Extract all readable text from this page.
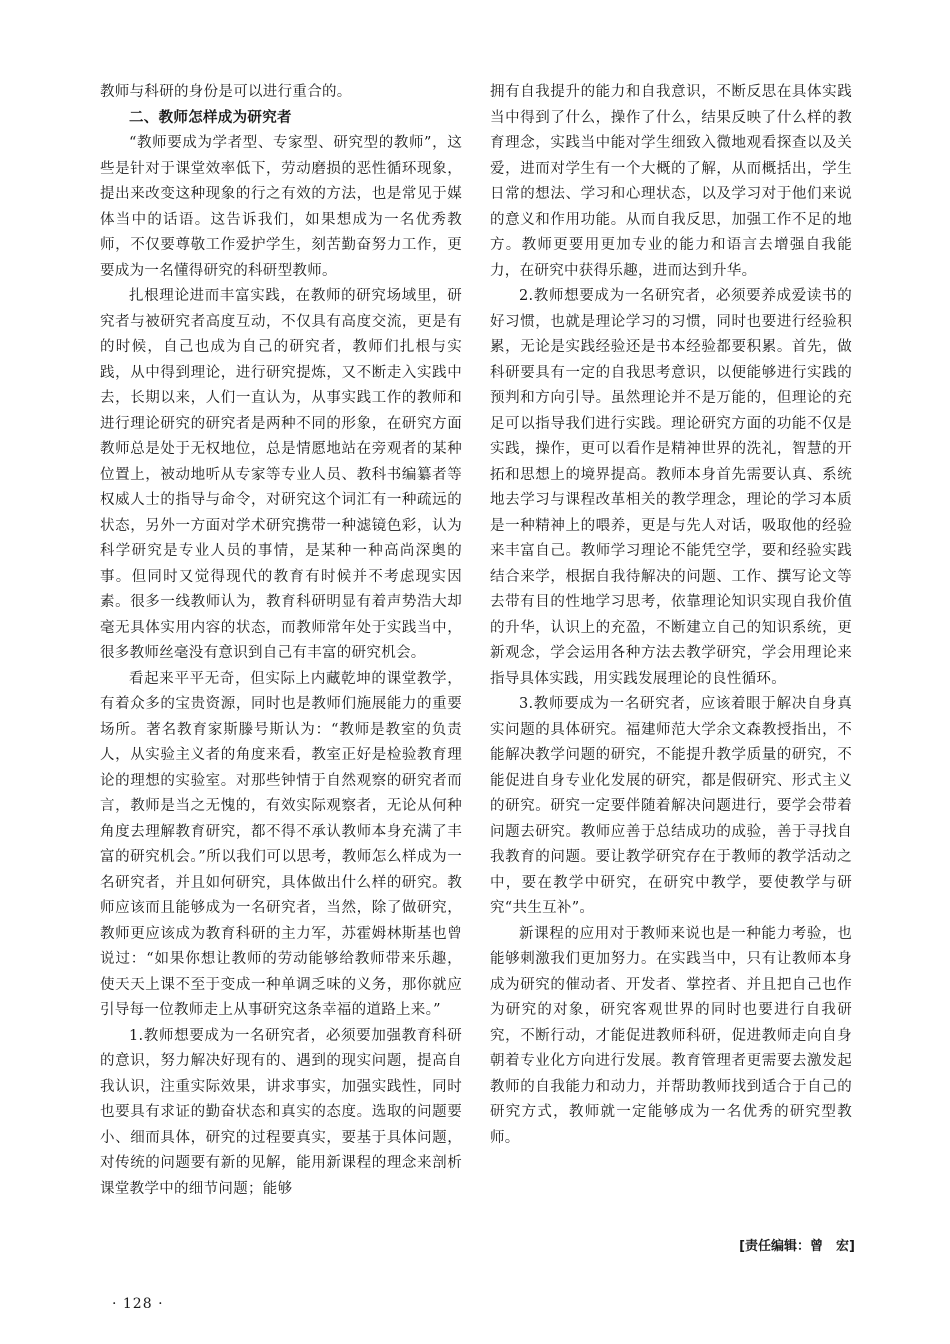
教师与科研的身份是可以进行重合的。

二、教师怎样成为研究者

“教师要成为学者型、专家型、研究型的教师”，这些是针对于课堂效率低下，劳动磨损的恶性循环现象，提出来改变这种现象的行之有效的方法，也是常见于媒体当中的话语。这告诉我们，如果想成为一名优秀教师，不仅要尊敬工作爱护学生，刻苦勤奋努力工作，更要成为一名懂得研究的科研型教师。

扎根理论进而丰富实践，在教师的研究场域里，研究者与被研究者高度互动，不仅具有高度交流，更是有的时候，自己也成为自己的研究者，教师们扎根与实践，从中得到理论，进行研究提炼，又不断走入实践中去，长期以来，人们一直认为，从事实践工作的教师和进行理论研究的研究者是两种不同的形象，在研究方面教师总是处于无权地位，总是情愿地站在旁观者的某种位置上，被动地听从专家等专业人员、教科书编纂者等权威人士的指导与命令，对研究这个词汇有一种疏远的状态，另外一方面对学术研究携带一种滤镜色彩，认为科学研究是专业人员的事情，是某种一种高尚深奥的事。但同时又觉得现代的教育有时候并不考虑现实因素。很多一线教师认为，教育科研明显有着声势浩大却毫无具体实用内容的状态，而教师常年处于实践当中，很多教师丝毫没有意识到自己有丰富的研究机会。

看起来平平无奇，但实际上内藏乾坤的课堂教学，有着众多的宝贵资源，同时也是教师们施展能力的重要场所。著名教育家斯滕号斯认为：“教师是教室的负责人，从实验主义者的角度来看，教室正好是检验教育理论的理想的实验室。对那些钟情于自然观察的研究者而言，教师是当之无愧的，有效实际观察者，无论从何种角度去理解教育研究，都不得不承认教师本身充满了丰富的研究机会。”所以我们可以思考，教师怎么样成为一名研究者，并且如何研究，具体做出什么样的研究。教师应该而且能够成为一名研究者，当然，除了做研究，教师更应该成为教育科研的主力军，苏霍姆林斯基也曾说过：“如果你想让教师的劳动能够给教师带来乐趣，使天天上课不至于变成一种单调乏味的义务，那你就应引导每一位教师走上从事研究这条幸福的道路上来。”

1.教师想要成为一名研究者，必须要加强教育科研的意识，努力解决好现有的、遇到的现实问题，提高自我认识，注重实际效果，讲求事实，加强实践性，同时也要具有求证的勤奋状态和真实的态度。选取的问题要小、细而具体，研究的过程要真实，要基于具体问题，对传统的问题要有新的见解，能用新课程的理念来剖析课堂教学中的细节问题；能够

拥有自我提升的能力和自我意识，不断反思在具体实践当中得到了什么，操作了什么，结果反映了什么样的教育理念，实践当中能对学生细致入微地观看探查以及关爱，进而对学生有一个大概的了解，从而概括出，学生日常的想法、学习和心理状态，以及学习对于他们来说的意义和作用功能。从而自我反思，加强工作不足的地方。教师更要用更加专业的能力和语言去增强自我能力，在研究中获得乐趣，进而达到升华。

2.教师想要成为一名研究者，必须要养成爱读书的好习惯，也就是理论学习的习惯，同时也要进行经验积累，无论是实践经验还是书本经验都要积累。首先，做科研要具有一定的自我思考意识，以便能够进行实践的预判和方向引导。虽然理论并不是万能的，但理论的充足可以指导我们进行实践。理论研究方面的功能不仅是实践，操作，更可以看作是精神世界的洗礼，智慧的开拓和思想上的境界提高。教师本身首先需要认真、系统地去学习与课程改革相关的教学理念，理论的学习本质是一种精神上的喂养，更是与先人对话，吸取他的经验来丰富自己。教师学习理论不能凭空学，要和经验实践结合来学，根据自我待解决的问题、工作、撰写论文等去带有目的性地学习思考，依靠理论知识实现自我价值的升华，认识上的充盈，不断建立自己的知识系统，更新观念，学会运用各种方法去教学研究，学会用理论来指导具体实践，用实践发展理论的良性循环。

3.教师要成为一名研究者，应该着眼于解决自身真实问题的具体研究。福建师范大学余文森教授指出，不能解决教学问题的研究，不能提升教学质量的研究，不能促进自身专业化发展的研究，都是假研究、形式主义的研究。研究一定要伴随着解决问题进行，要学会带着问题去研究。教师应善于总结成功的成验，善于寻找自我教育的问题。要让教学研究存在于教师的教学活动之中，要在教学中研究，在研究中教学，要使教学与研究“共生互补”。

新课程的应用对于教师来说也是一种能力考验，也能够刺激我们更加努力。在实践当中，只有让教师本身成为研究的催动者、开发者、掌控者、并且把自己也作为研究的对象，研究客观世界的同时也要进行自我研究，不断行动，才能促进教师科研，促进教师走向自身朝着专业化方向进行发展。教育管理者更需要去激发起教师的自我能力和动力，并帮助教师找到适合于自己的研究方式，教师就一定能够成为一名优秀的研究型教师。

[责任编辑：曾　宏]
· 128 ·
